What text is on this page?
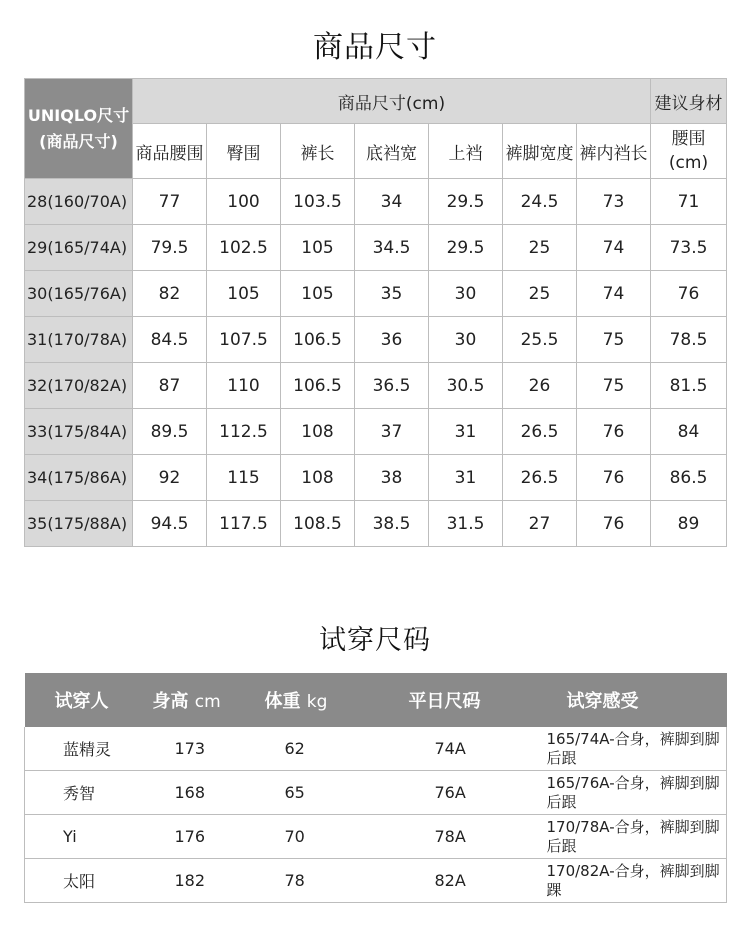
商品尺寸
UNIQLO尺寸
(商品尺寸)	商品尺寸(cm)							建议身材
	商品腰围	臀围	裤长	底裆宽	上裆	裤脚宽度	裤内裆长	腰围
(cm)

28(160/70A)	77	100	103.5	34	29.5	24.5	73	71
29(165/74A)	79.5	102.5	105	34.5	29.5	25	74	73.5
30(165/76A)	82	105	105	35	30	25	74	76
31(170/78A)	84.5	107.5	106.5	36	30	25.5	75	78.5
32(170/82A)	87	110	106.5	36.5	30.5	26	75	81.5
33(175/84A)	89.5	112.5	108	37	31	26.5	76	84
34(175/86A)	92	115	108	38	31	26.5	76	86.5
35(175/88A)	94.5	117.5	108.5	38.5	31.5	27	76	89
试穿尺码
试穿人	身高 cm	体重 kg	平日尺码	试穿感受
蓝精灵	173	62	74A	165/74A-合身，裤脚到脚后跟
秀智	168	65	76A	165/76A-合身，裤脚到脚后跟
Yi	176	70	78A	170/78A-合身，裤脚到脚后跟
太阳	182	78	82A	170/82A-合身，裤脚到脚踝
